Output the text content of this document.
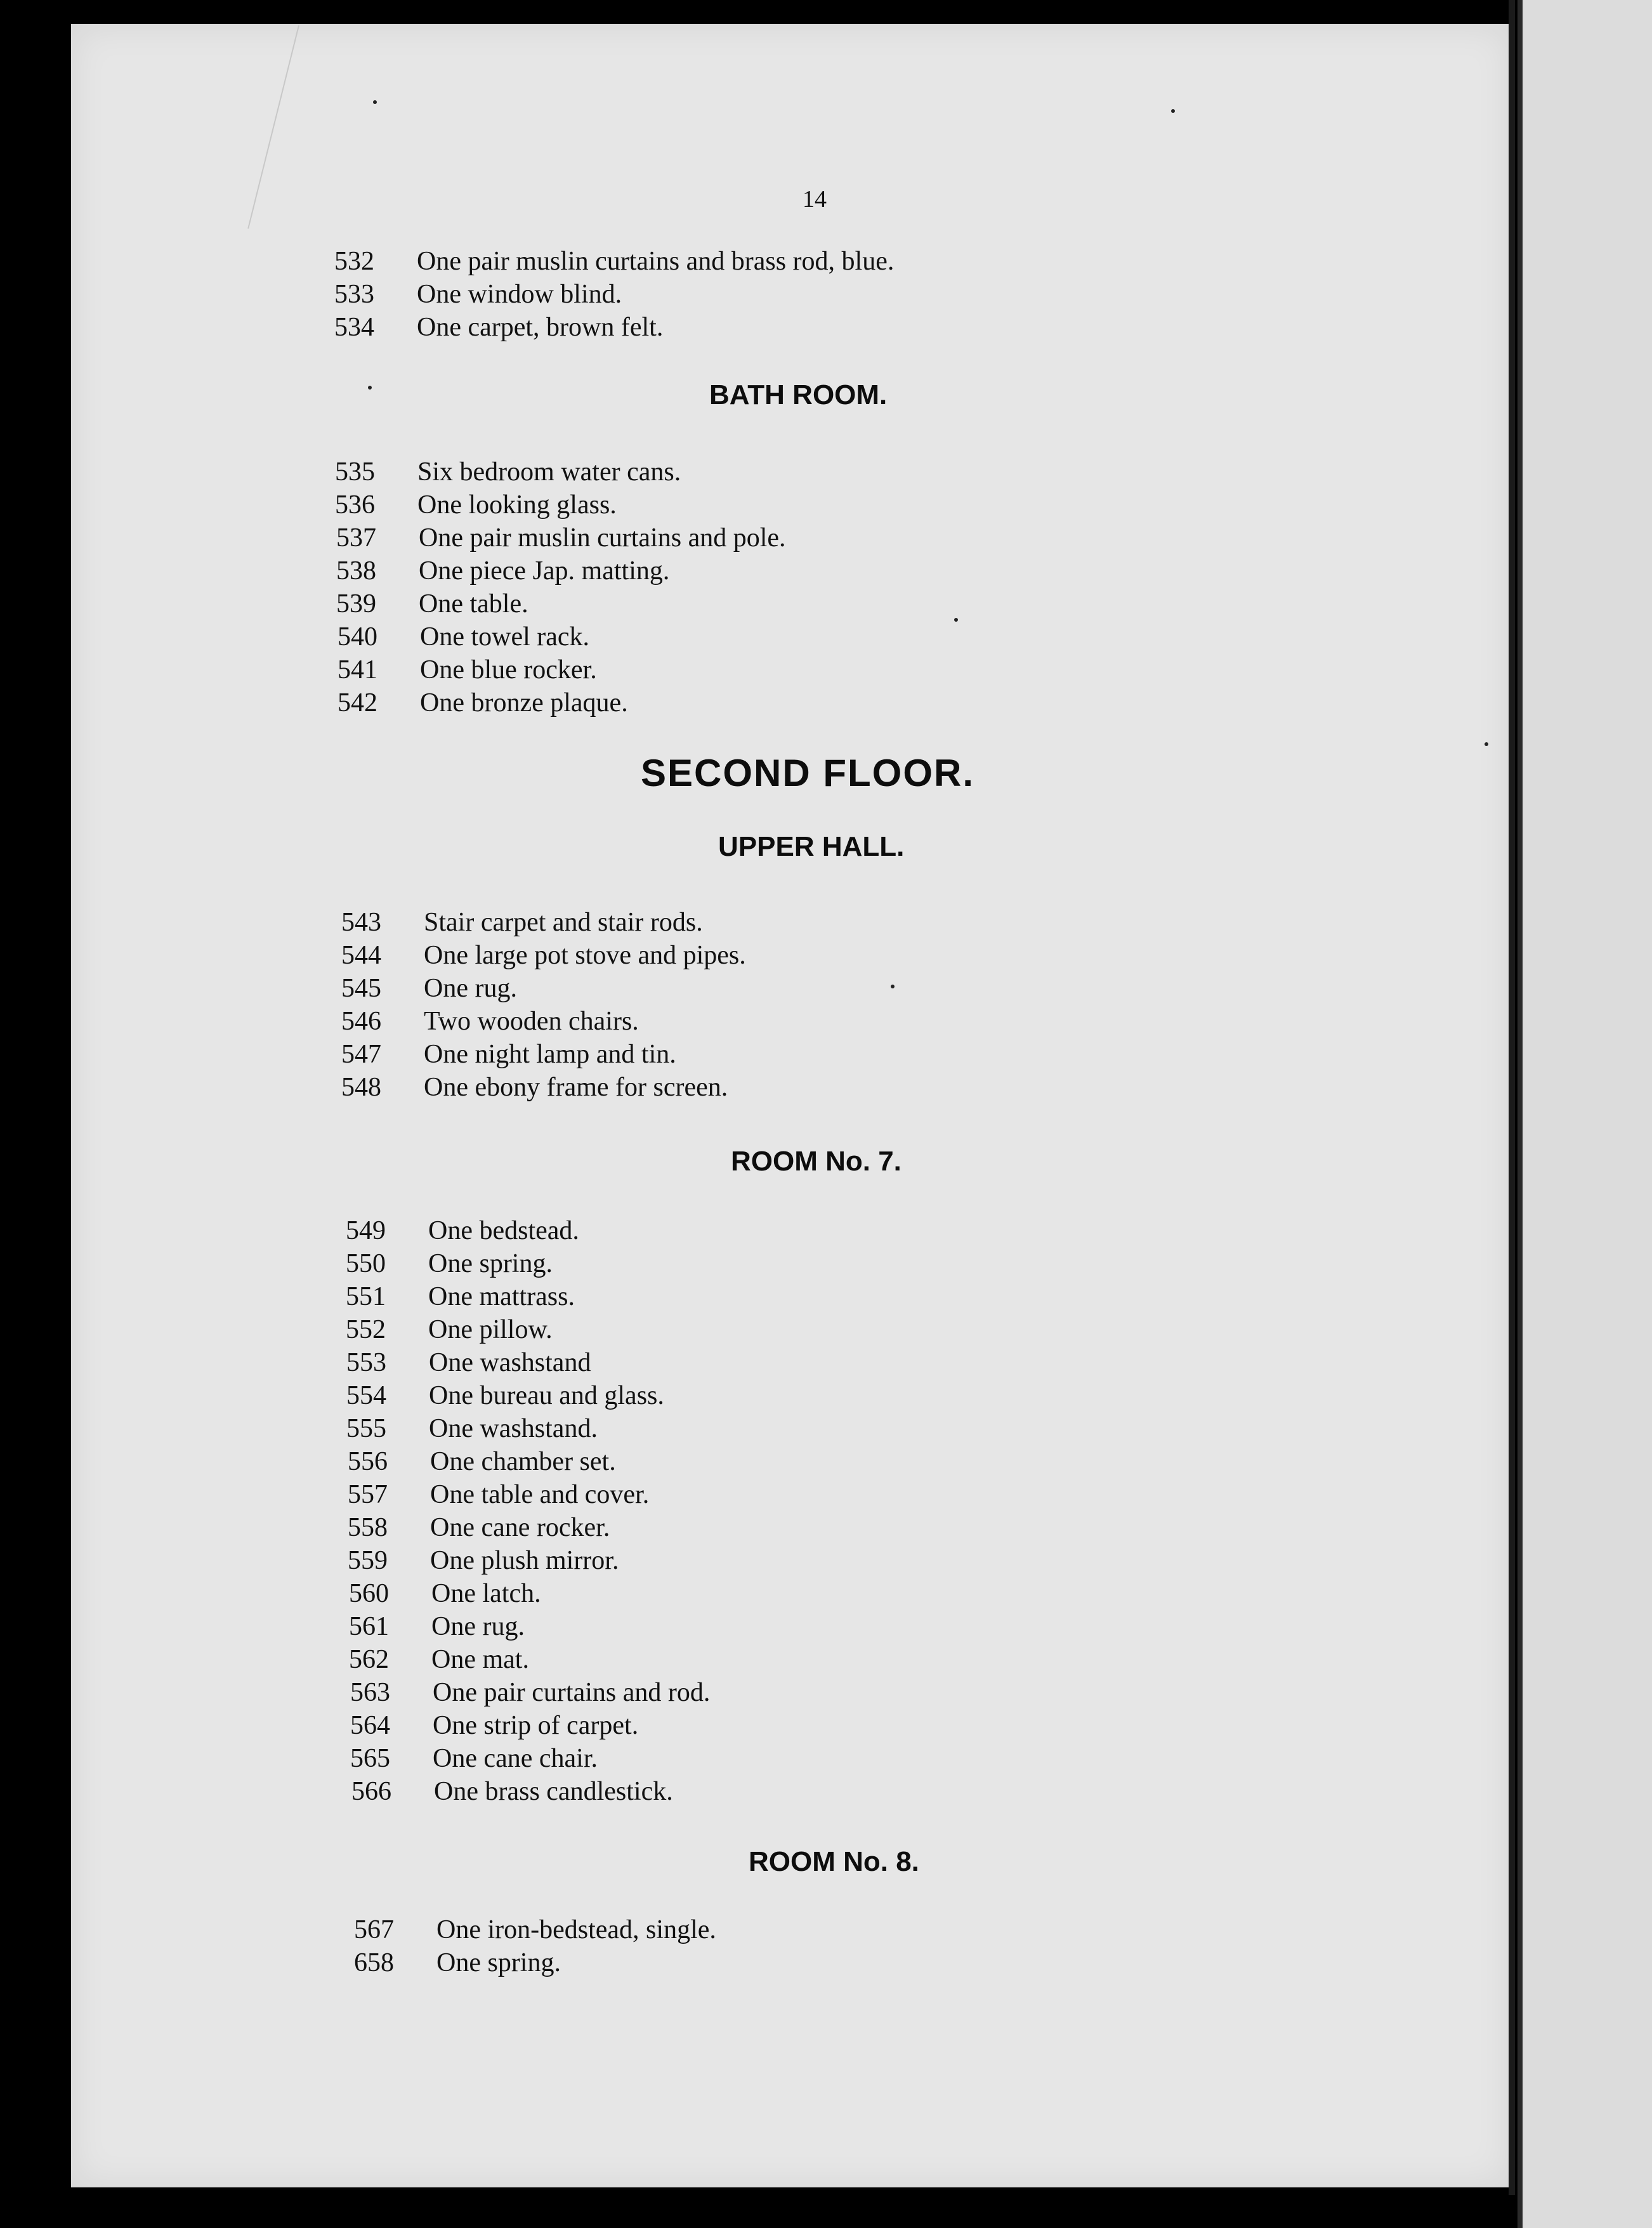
14
532 One pair muslin curtains and brass rod, blue.
533 One window blind.
534 One carpet, brown felt.
BATH ROOM.
535 Six bedroom water cans.
536 One looking glass.
537 One pair muslin curtains and pole.
538 One piece Jap. matting.
539 One table.
540 One towel rack.
541 One blue rocker.
542 One bronze plaque.
SECOND FLOOR.
UPPER HALL.
543 Stair carpet and stair rods.
544 One large pot stove and pipes.
545 One rug.
546 Two wooden chairs.
547 One night lamp and tin.
548 One ebony frame for screen.
ROOM No. 7.
549 One bedstead.
550 One spring.
551 One mattrass.
552 One pillow.
553 One washstand
554 One bureau and glass.
555 One washstand.
556 One chamber set.
557 One table and cover.
558 One cane rocker.
559 One plush mirror.
560 One latch.
561 One rug.
562 One mat.
563 One pair curtains and rod.
564 One strip of carpet.
565 One cane chair.
566 One brass candlestick.
ROOM No. 8.
567 One iron-bedstead, single.
658 One spring.
